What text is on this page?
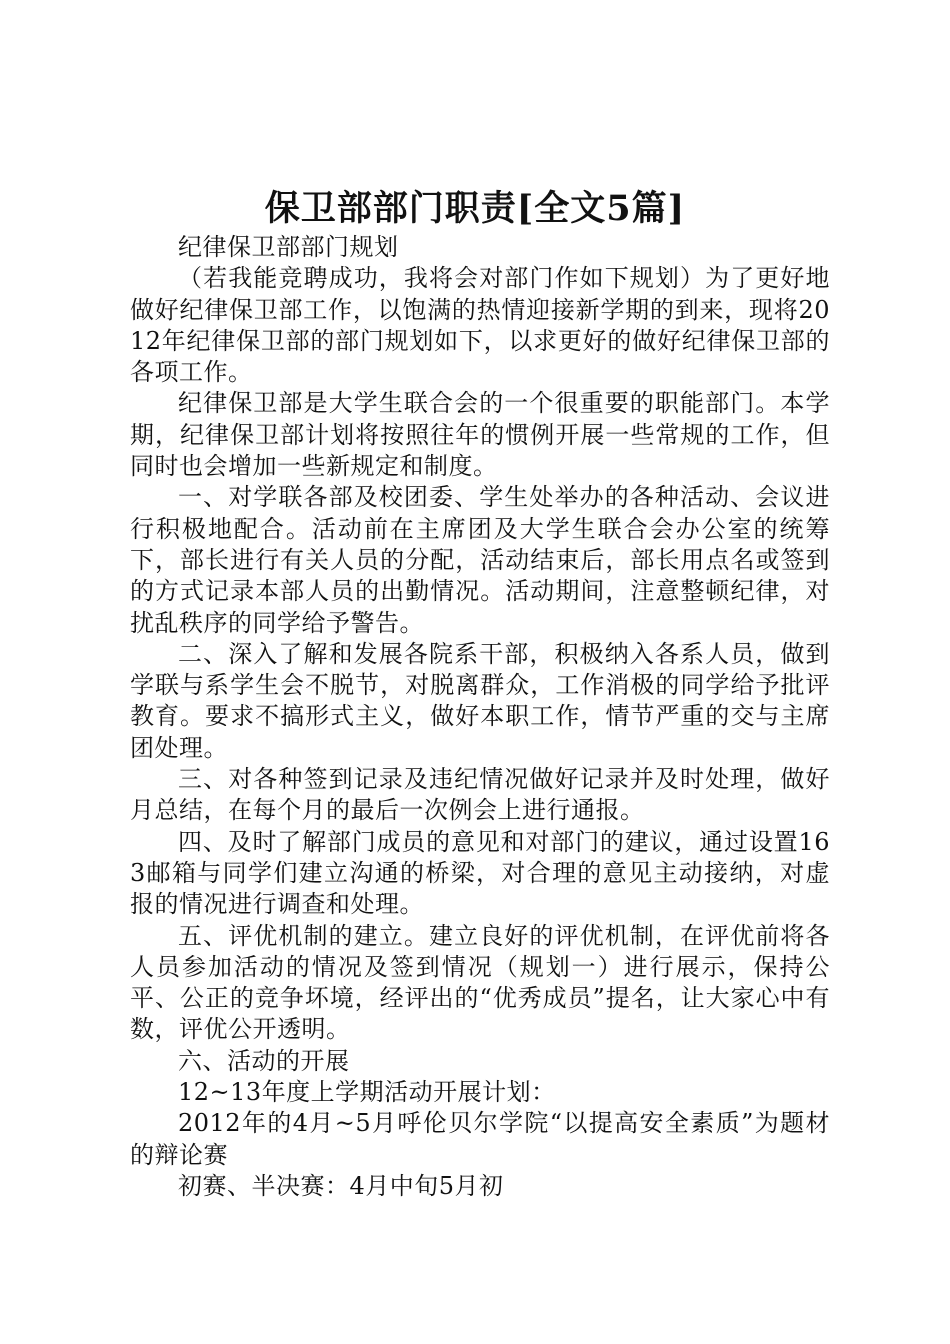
保卫部部门职责[全文5篇]

纪律保卫部部门规划

（若我能竞聘成功，我将会对部门作如下规划）为了更好地做好纪律保卫部工作，以饱满的热情迎接新学期的到来，现将2012年纪律保卫部的部门规划如下，以求更好的做好纪律保卫部的各项工作。

纪律保卫部是大学生联合会的一个很重要的职能部门。本学期，纪律保卫部计划将按照往年的惯例开展一些常规的工作，但同时也会增加一些新规定和制度。

一、对学联各部及校团委、学生处举办的各种活动、会议进行积极地配合。活动前在主席团及大学生联合会办公室的统筹下，部长进行有关人员的分配，活动结束后，部长用点名或签到的方式记录本部人员的出勤情况。活动期间，注意整顿纪律，对扰乱秩序的同学给予警告。

二、深入了解和发展各院系干部，积极纳入各系人员，做到学联与系学生会不脱节，对脱离群众，工作消极的同学给予批评教育。要求不搞形式主义，做好本职工作，情节严重的交与主席团处理。

三、对各种签到记录及违纪情况做好记录并及时处理，做好月总结，在每个月的最后一次例会上进行通报。

四、及时了解部门成员的意见和对部门的建议，通过设置163邮箱与同学们建立沟通的桥梁，对合理的意见主动接纳，对虚报的情况进行调查和处理。

五、评优机制的建立。建立良好的评优机制，在评优前将各人员参加活动的情况及签到情况（规划一）进行展示，保持公平、公正的竞争坏境，经评出的“优秀成员”提名，让大家心中有数，评优公开透明。

六、活动的开展

12~13年度上学期活动开展计划：

2012年的4月~5月呼伦贝尔学院“以提高安全素质”为题材的辩论赛

初赛、半决赛：4月中旬5月初
